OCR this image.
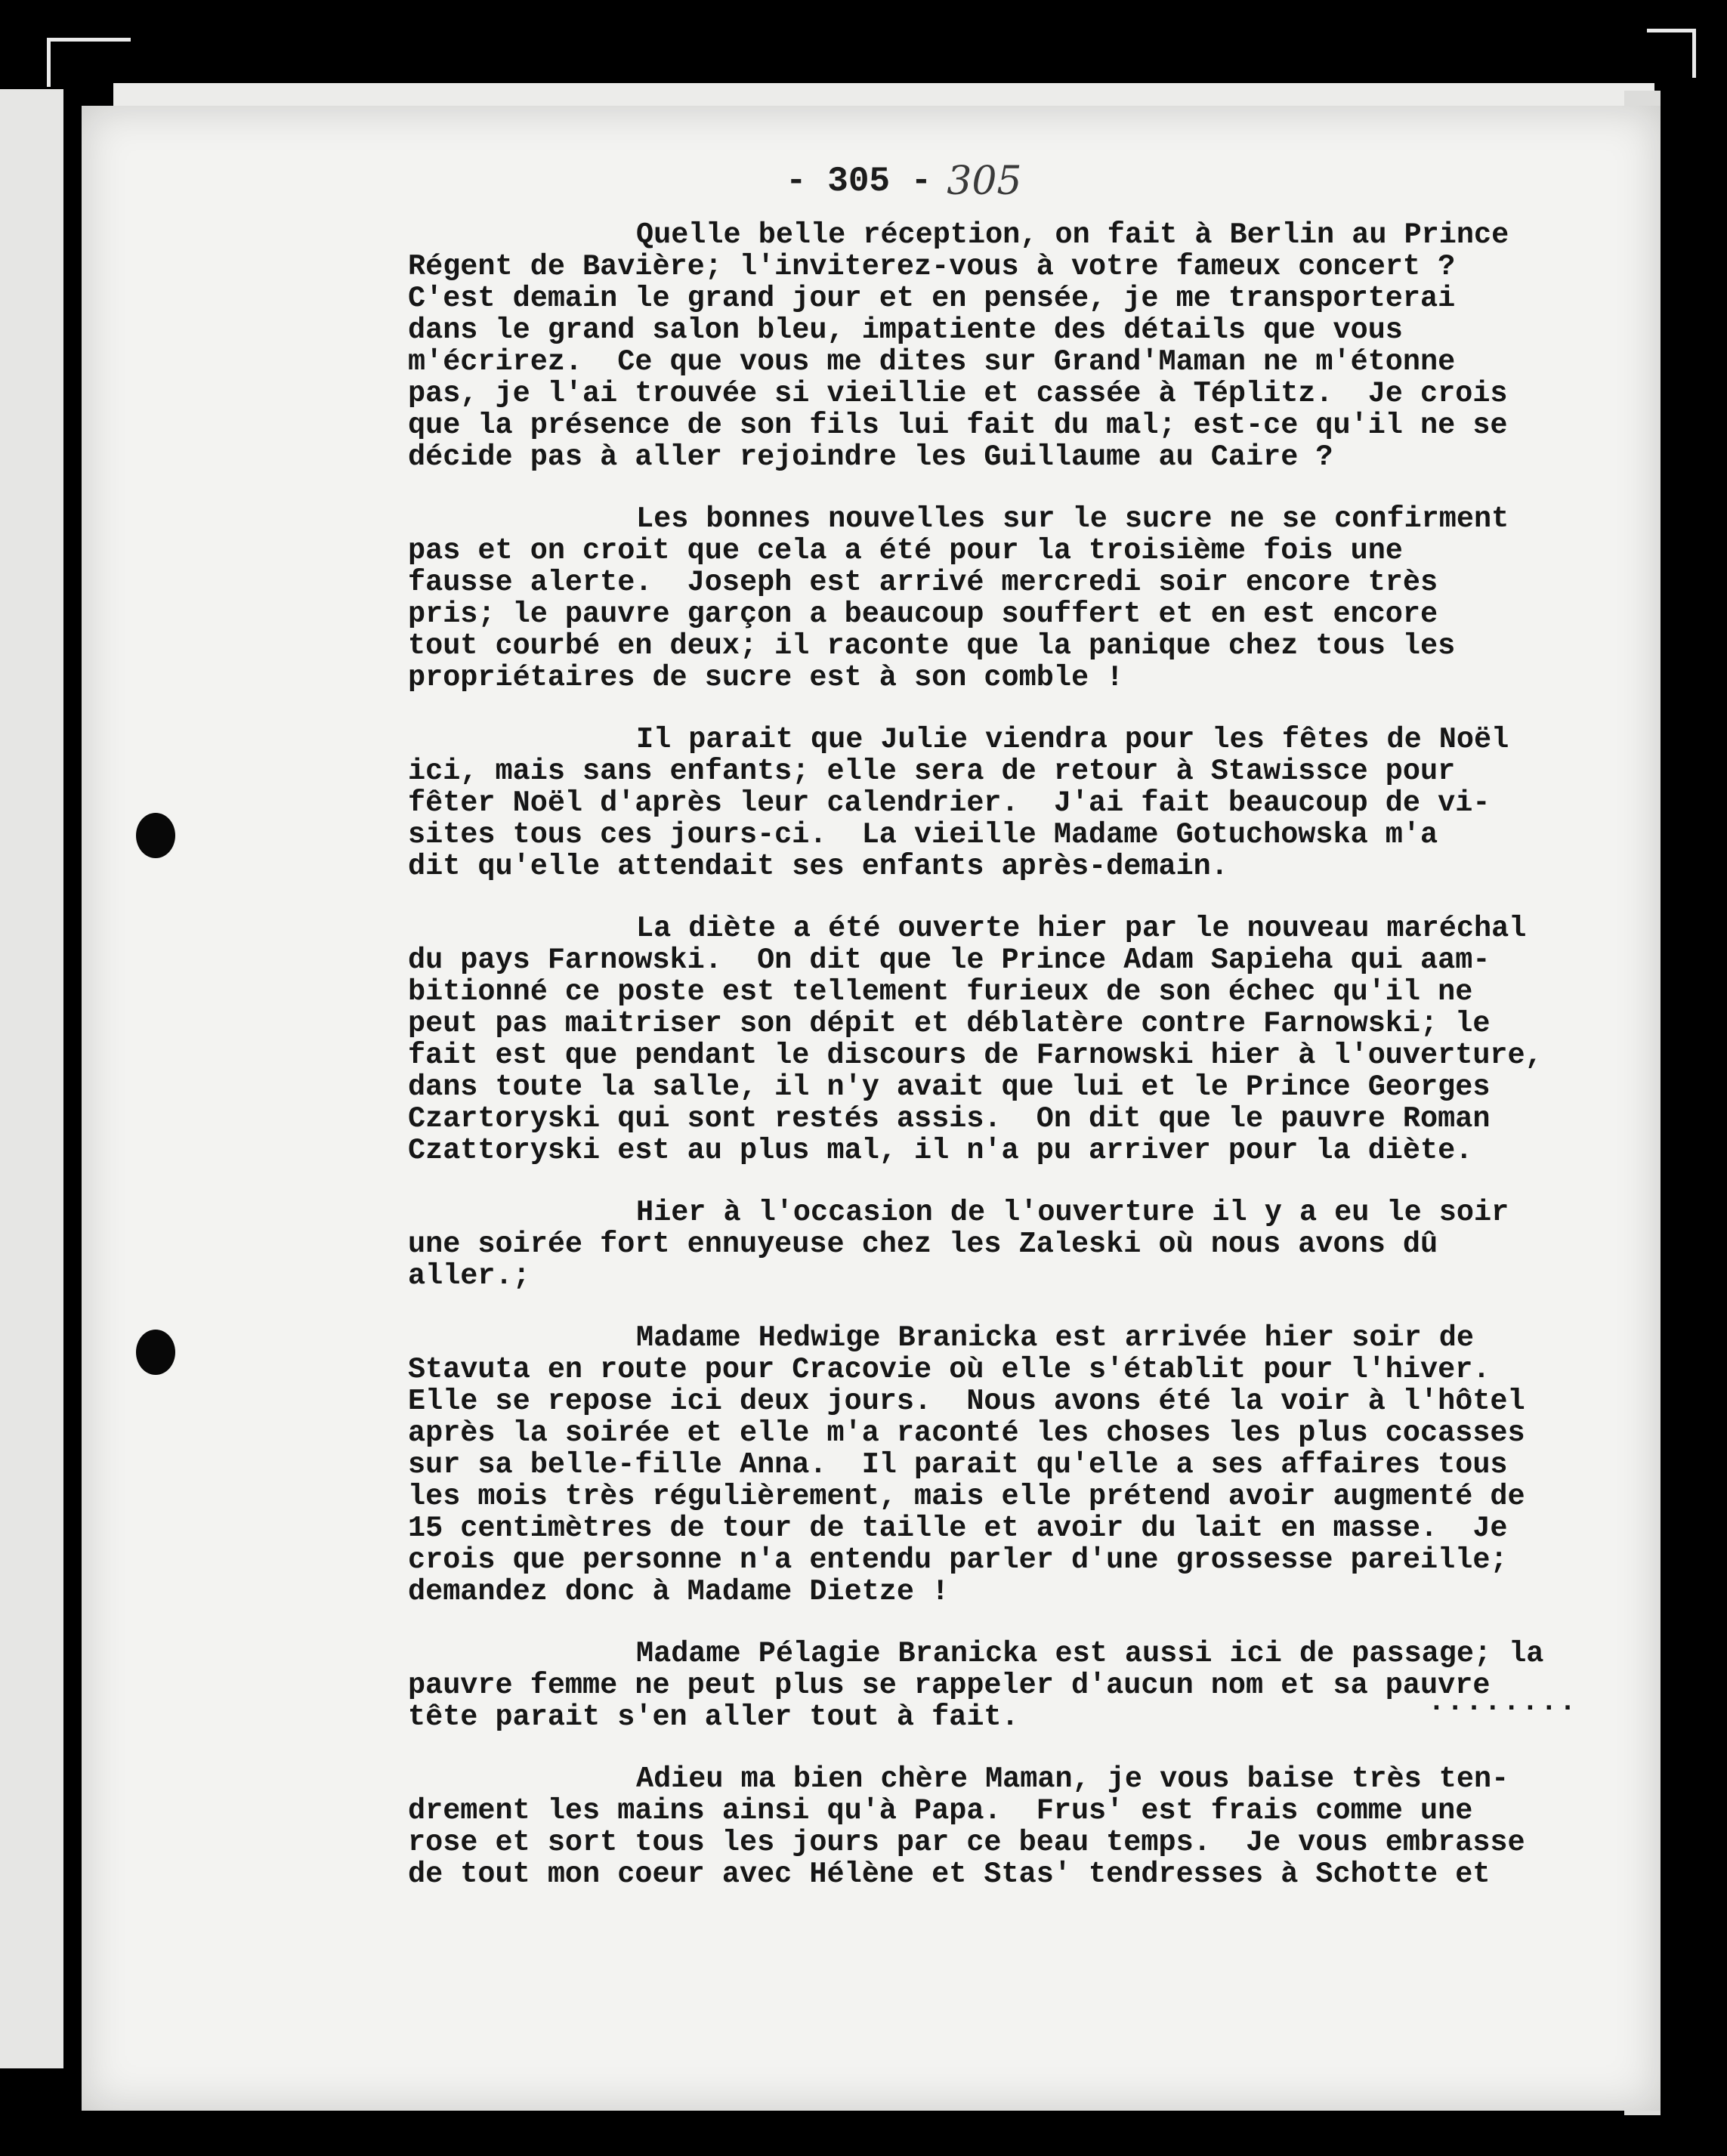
- 305 - 305
Quelle belle réception, on fait à Berlin au Prince
Régent de Bavière; l'inviterez-vous à votre fameux concert ?
C'est demain le grand jour et en pensée, je me transporterai
dans le grand salon bleu, impatiente des détails que vous
m'écrirez.  Ce que vous me dites sur Grand'Maman ne m'étonne
pas, je l'ai trouvée si vieillie et cassée à Téplitz.  Je crois
que la présence de son fils lui fait du mal; est-ce qu'il ne se
décide pas à aller rejoindre les Guillaume au Caire ?
Les bonnes nouvelles sur le sucre ne se confirment
pas et on croit que cela a été pour la troisième fois une
fausse alerte.  Joseph est arrivé mercredi soir encore très
pris; le pauvre garçon a beaucoup souffert et en est encore
tout courbé en deux; il raconte que la panique chez tous les
propriétaires de sucre est à son comble !
Il parait que Julie viendra pour les fêtes de Noël
ici, mais sans enfants; elle sera de retour à Stawissce pour
fêter Noël d'après leur calendrier.  J'ai fait beaucoup de vi-
sites tous ces jours-ci.  La vieille Madame Gotuchowska m'a
dit qu'elle attendait ses enfants après-demain.
La diète a été ouverte hier par le nouveau maréchal
du pays Farnowski.  On dit que le Prince Adam Sapieha qui aam-
bitionné ce poste est tellement furieux de son échec qu'il ne
peut pas maitriser son dépit et déblatère contre Farnowski; le
fait est que pendant le discours de Farnowski hier à l'ouverture,
dans toute la salle, il n'y avait que lui et le Prince Georges
Czartoryski qui sont restés assis.  On dit que le pauvre Roman
Czattoryski est au plus mal, il n'a pu arriver pour la diète.
Hier à l'occasion de l'ouverture il y a eu le soir
une soirée fort ennuyeuse chez les Zaleski où nous avons dû
aller.;
Madame Hedwige Branicka est arrivée hier soir de
Stavuta en route pour Cracovie où elle s'établit pour l'hiver.
Elle se repose ici deux jours.  Nous avons été la voir à l'hôtel
après la soirée et elle m'a raconté les choses les plus cocasses
sur sa belle-fille Anna.  Il parait qu'elle a ses affaires tous
les mois très régulièrement, mais elle prétend avoir augmenté de
15 centimètres de tour de taille et avoir du lait en masse.  Je
crois que personne n'a entendu parler d'une grossesse pareille;
demandez donc à Madame Dietze !
Madame Pélagie Branicka est aussi ici de passage; la
pauvre femme ne peut plus se rappeler d'aucun nom et sa pauvre
tête parait s'en aller tout à fait.
Adieu ma bien chère Maman, je vous baise très ten-
drement les mains ainsi qu'à Papa.  Frus' est frais comme une
rose et sort tous les jours par ce beau temps.  Je vous embrasse
de tout mon coeur avec Hélène et Stas' tendresses à Schotte et
........
